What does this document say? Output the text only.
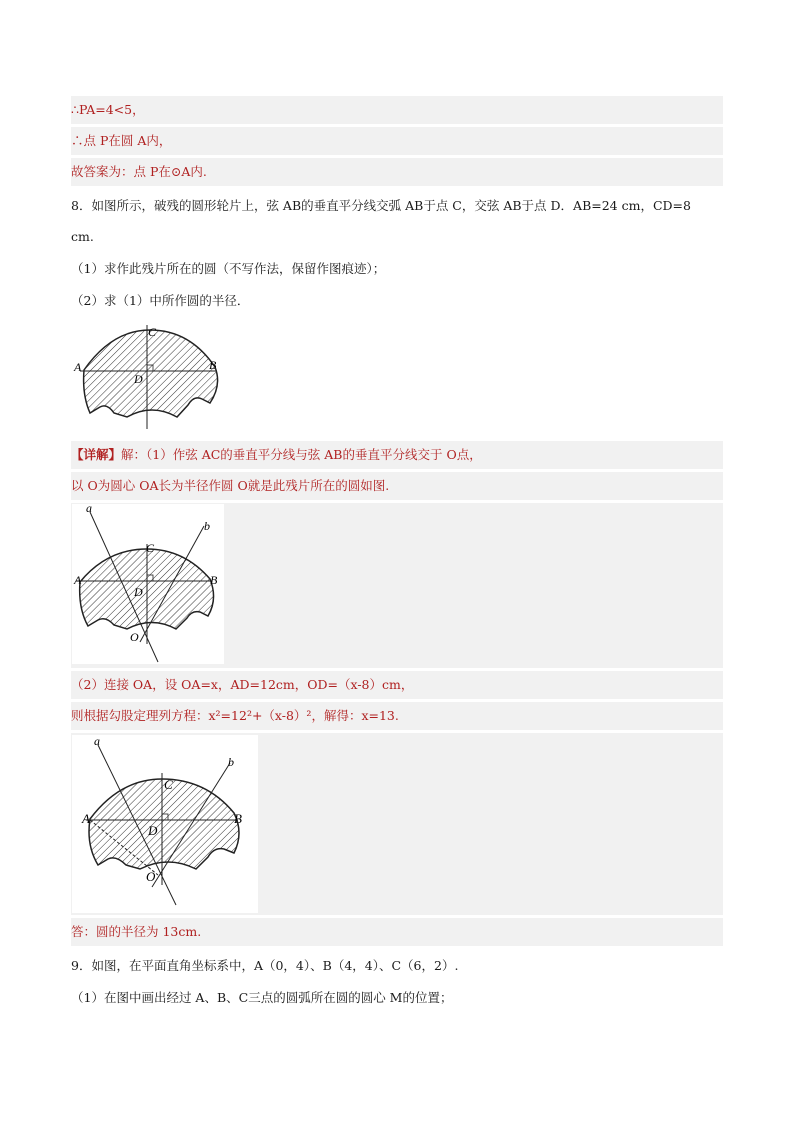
∴PA=4<5，
∴点 P在圆 A内，
故答案为：点 P在⊙A内.
8．如图所示，破残的圆形轮片上，弦 AB的垂直平分线交弧 AB于点 C，交弦 AB于点 D．AB=24 cm，CD=8
cm.
（1）求作此残片所在的圆（不写作法，保留作图痕迹）；
（2）求（1）中所作圆的半径．
A	B
C
D
【详解】解：（1）作弦 AC的垂直平分线与弦 AB的垂直平分线交于 O点，
以 O为圆心 OA长为半径作圆 O就是此残片所在的圆如图.
a
b
A	B
C
D
O
（2）连接 OA，设 OA=x，AD=12cm，OD=（x-8）cm，
则根据勾股定理列方程：x²=12²+（x-8）²，解得：x=13.
a
b
A	B
C
D
O
答：圆的半径为 13cm.
9．如图，在平面直角坐标系中，A（0，4）、B（4，4）、C（6，2）.
（1）在图中画出经过 A、B、C三点的圆弧所在圆的圆心 M的位置；
